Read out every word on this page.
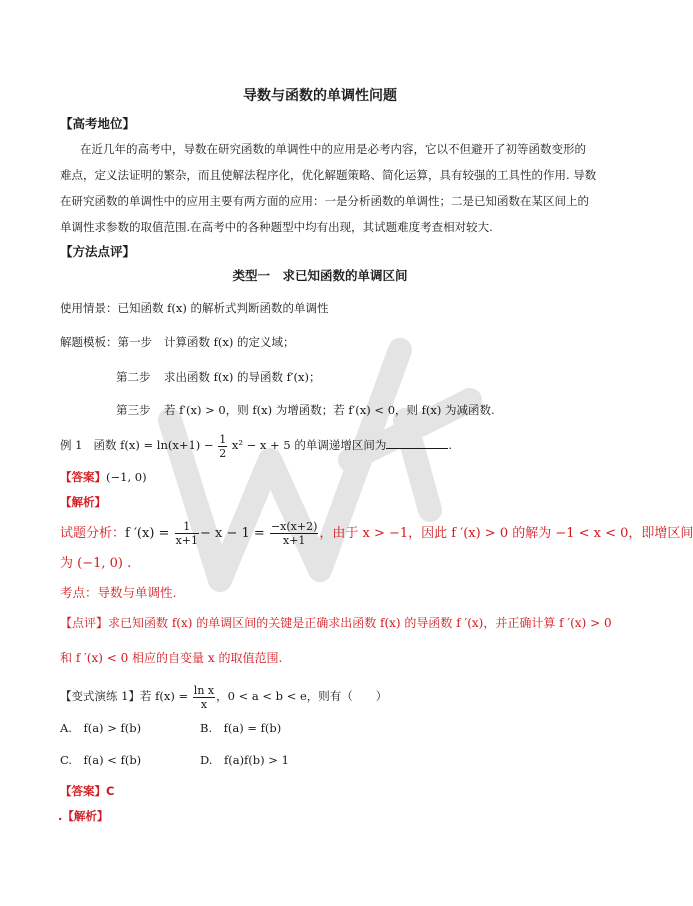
导数与函数的单调性问题
【高考地位】
在近几年的高考中，导数在研究函数的单调性中的应用是必考内容，它以不但避开了初等函数变形的
难点，定义法证明的繁杂，而且使解法程序化，优化解题策略、简化运算，具有较强的工具性的作用. 导数
在研究函数的单调性中的应用主要有两方面的应用：一是分析函数的单调性；二是已知函数在某区间上的
单调性求参数的取值范围.在高考中的各种题型中均有出现，其试题难度考查相对较大.
【方法点评】
类型一　求已知函数的单调区间
使用情景：已知函数 f(x) 的解析式判断函数的单调性
解题模板：第一步 计算函数 f(x) 的定义域；
第二步 求出函数 f(x) 的导函数 f′(x)；
第三步 若 f′(x) > 0，则 f(x) 为增函数；若 f′(x) < 0，则 f(x) 为减函数.
例 1 函数 $f(x) = \ln(x+1) - \frac{1}{2} x^2 - x + 5$ 的单调递增区间为	.
【答案】(−1, 0)
【解析】
试题分析：f $'(x) = \frac{1}{x+1} - x - 1 = \frac{-x(x+2)}{x+1}$ ，由于 x > −1，因此 f ′(x) > 0 的解为 −1 < x < 0，即增区间
为 (−1, 0) .
考点：导数与单调性.
【点评】求已知函数 f(x) 的单调区间的关键是正确求出函数 f(x) 的导函数 f ′(x)，并正确计算 f ′(x) > 0
和 f ′(x) < 0 相应的自变量 x 的取值范围.
【变式演练 1】若 $f(x) = \frac{\text{ln x}}{x}$ ，0 < a < b < e，则有（　　）
A.　f(a) > f(b)	B.　f(a) = f(b)
C.　f(a) < f(b)	D.　f(a)f(b) > 1
【答案】C
.【解析】
